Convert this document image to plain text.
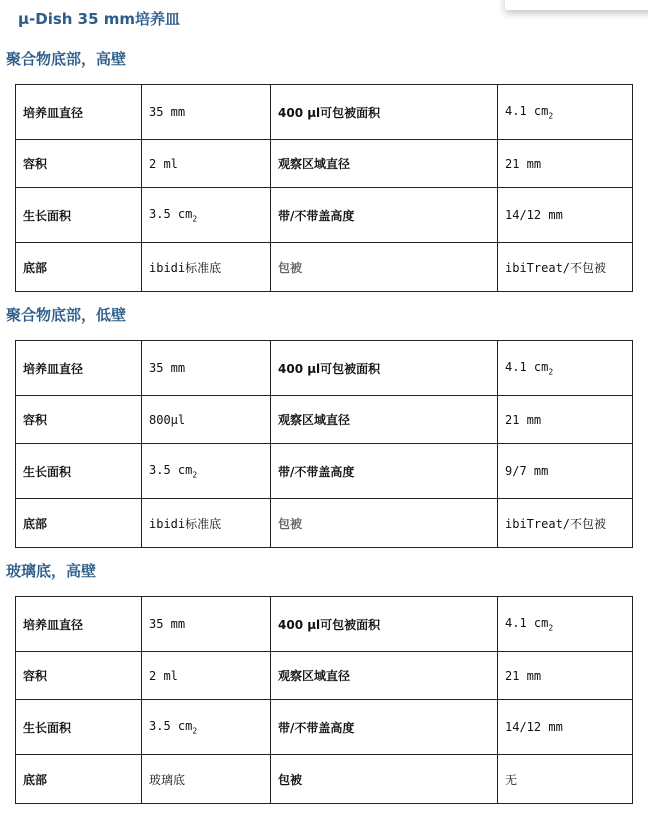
µ-Dish 35 mm培养皿
聚合物底部，高壁
培养皿直径	35 mm	400 µl可包被面积	4.1 $cm_2$
容积	2 ml	观察区域直径	21 mm
生长面积	3.5 $cm_2$	带/不带盖高度	14/12 mm
底部	ibidi标准底	包被	ibiTreat/不包被
聚合物底部，低壁
培养皿直径	35 mm	400 µl可包被面积	4.1 $cm_2$
容积	800µl	观察区域直径	21 mm
生长面积	3.5 $cm_2$	带/不带盖高度	9/7 mm
底部	ibidi标准底	包被	ibiTreat/不包被
玻璃底，高壁
培养皿直径	35 mm	400 µl可包被面积	4.1 $cm_2$
容积	2 ml	观察区域直径	21 mm
生长面积	3.5 $cm_2$	带/不带盖高度	14/12 mm
底部	玻璃底	包被	无
